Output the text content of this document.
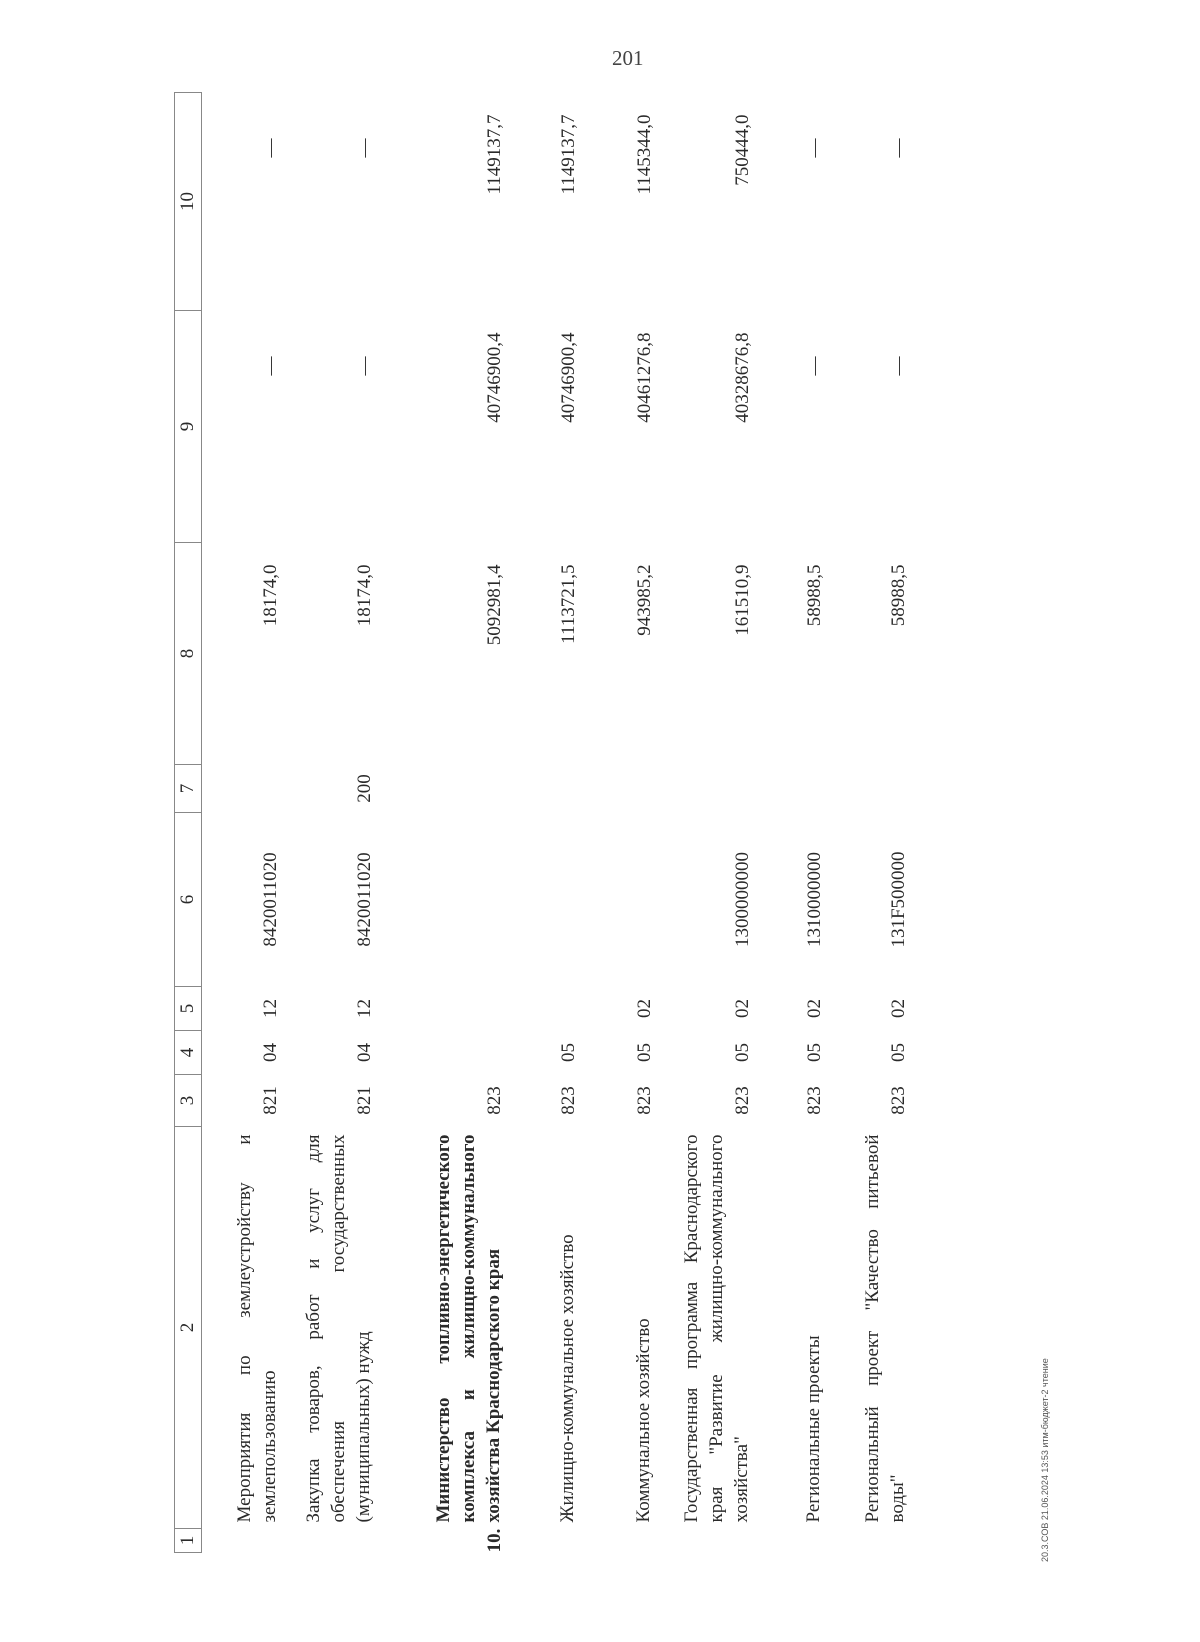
201
1	2	3	4	5	6	7	8	9	10
	Мероприятия по землеустройству и землепользованию	821	04	12	8420011020		18174,0	—	—
	Закупка товаров, работ и услуг для обеспечения государственных (муниципальных) нужд	821	04	12	8420011020	200	18174,0	—	—
10.	Министерство топливно-энергетического комплекса и жилищно-коммунального хозяйства Краснодарского края	823					5092981,4	40746900,4	1149137,7
	Жилищно-коммунальное хозяйство	823	05				1113721,5	40746900,4	1149137,7
	Коммунальное хозяйство	823	05	02			943985,2	40461276,8	1145344,0
	Государственная программа Краснодарского края "Развитие жилищно-коммунального хозяйства"	823	05	02	1300000000		161510,9	40328676,8	750444,0
	Региональные проекты	823	05	02	1310000000		58988,5	—	—
	Региональный проект "Качество питьевой воды"	823	05	02	131F500000		58988,5	—	—
20.3.СОВ 21.06.2024 13:53 итм-бюджет-2 чтение
